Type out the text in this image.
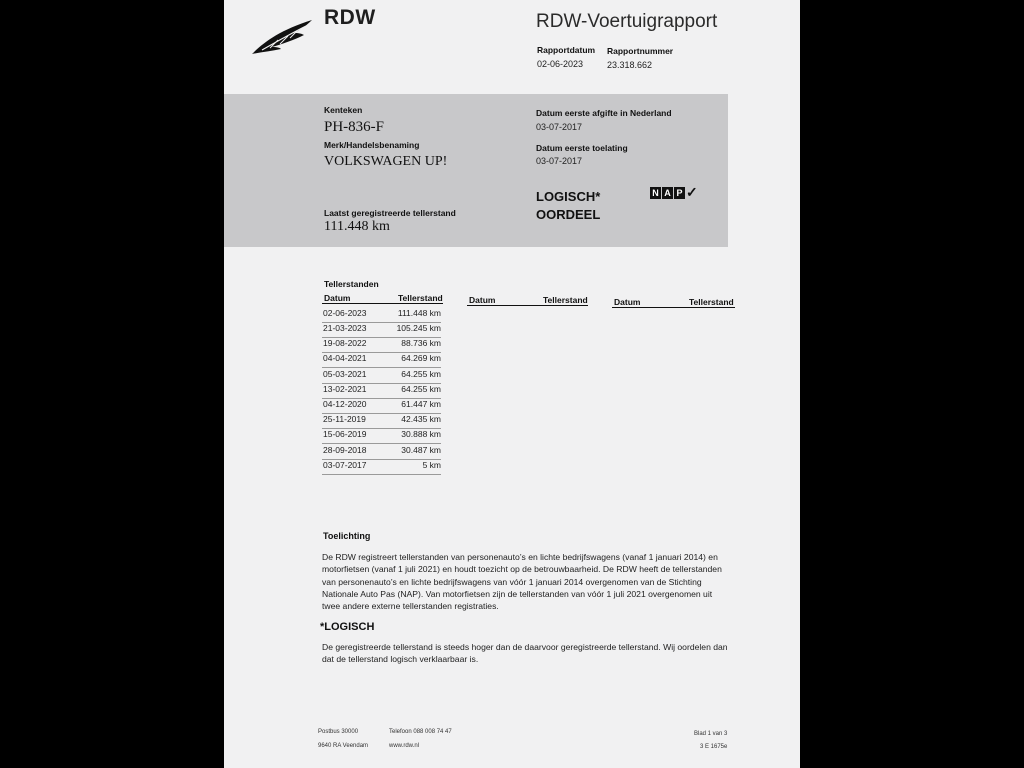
RDW	RDW-Voertuigrapport
Rapportdatum
02-06-2023
Rapportnummer
23.318.662
Kenteken
PH-836-F
Merk/Handelsbenaming
VOLKSWAGEN UP!
Laatst geregistreerde tellerstand
111.448 km
Datum eerste afgifte in Nederland
03-07-2017
Datum eerste toelating
03-07-2017
LOGISCH*
OORDEEL
N A P ✓
Tellerstanden
Datum	Tellerstand	Datum	Tellerstand	Datum	Tellerstand
02-06-2023	111.448 km
21-03-2023	105.245 km
19-08-2022	88.736 km
04-04-2021	64.269 km
05-03-2021	64.255 km
13-02-2021	64.255 km
04-12-2020	61.447 km
25-11-2019	42.435 km
15-06-2019	30.888 km
28-09-2018	30.487 km
03-07-2017	5 km
Toelichting
De RDW registreert tellerstanden van personenauto’s en lichte bedrijfswagens (vanaf 1 januari 2014) en motorfietsen (vanaf 1 juli 2021) en houdt toezicht op de betrouwbaarheid. De RDW heeft de tellerstanden van personenauto’s en lichte bedrijfswagens van vóór 1 januari 2014 overgenomen van de Stichting Nationale Auto Pas (NAP). Van motorfietsen zijn de tellerstanden van vóór 1 juli 2021 overgenomen uit twee andere externe tellerstanden registraties.
*LOGISCH
De geregistreerde tellerstand is steeds hoger dan de daarvoor geregistreerde tellerstand. Wij oordelen dan dat de tellerstand logisch verklaarbaar is.
Postbus 30000
9640 RA Veendam
Telefoon 088 008 74 47
www.rdw.nl
Blad 1 van 3
3 E 1675e
